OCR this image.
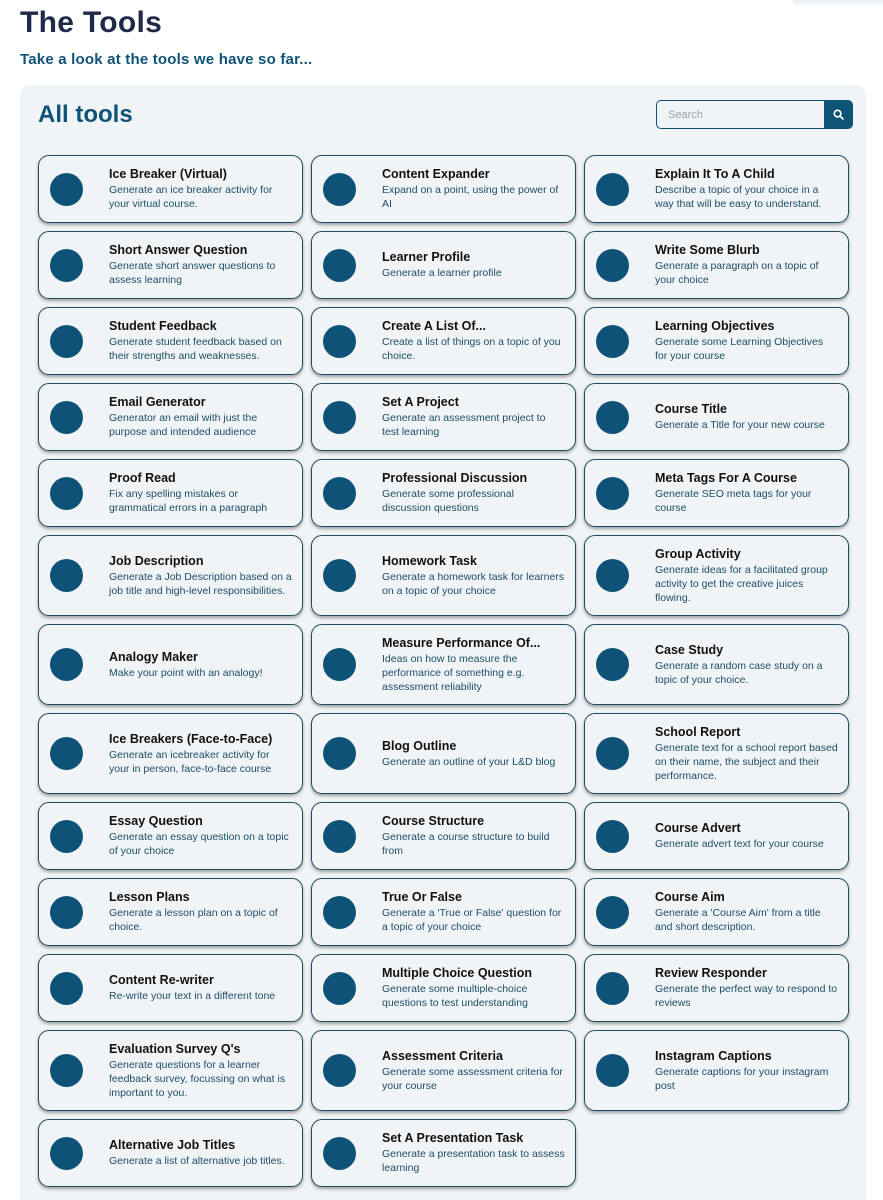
The Tools
Take a look at the tools we have so far...
All tools
Search
Ice Breaker (Virtual)
Generate an ice breaker activity for your virtual course.
Content Expander
Expand on a point, using the power of AI
Explain It To A Child
Describe a topic of your choice in a way that will be easy to understand.
Short Answer Question
Generate short answer questions to assess learning
Learner Profile
Generate a learner profile
Write Some Blurb
Generate a paragraph on a topic of your choice
Student Feedback
Generate student feedback based on their strengths and weaknesses.
Create A List Of...
Create a list of things on a topic of you choice.
Learning Objectives
Generate some Learning Objectives for your course
Email Generator
Generator an email with just the purpose and intended audience
Set A Project
Generate an assessment project to test learning
Course Title
Generate a Title for your new course
Proof Read
Fix any spelling mistakes or grammatical errors in a paragraph
Professional Discussion
Generate some professional discussion questions
Meta Tags For A Course
Generate SEO meta tags for your course
Job Description
Generate a Job Description based on a job title and high-level responsibilities.
Homework Task
Generate a homework task for learners on a topic of your choice
Group Activity
Generate ideas for a facilitated group activity to get the creative juices flowing.
Analogy Maker
Make your point with an analogy!
Measure Performance Of...
Ideas on how to measure the performance of something e.g. assessment reliability
Case Study
Generate a random case study on a topic of your choice.
Ice Breakers (Face-to-Face)
Generate an icebreaker activity for your in person, face-to-face course
Blog Outline
Generate an outline of your L&D blog
School Report
Generate text for a school report based on their name, the subject and their performance.
Essay Question
Generate an essay question on a topic of your choice
Course Structure
Generate a course structure to build from
Course Advert
Generate advert text for your course
Lesson Plans
Generate a lesson plan on a topic of choice.
True Or False
Generate a 'True or False' question for a topic of your choice
Course Aim
Generate a 'Course Aim' from a title and short description.
Content Re-writer
Re-write your text in a different tone
Multiple Choice Question
Generate some multiple-choice questions to test understanding
Review Responder
Generate the perfect way to respond to reviews
Evaluation Survey Q's
Generate questions for a learner feedback survey, focussing on what is important to you.
Assessment Criteria
Generate some assessment criteria for your course
Instagram Captions
Generate captions for your instagram post
Alternative Job Titles
Generate a list of alternative job titles.
Set A Presentation Task
Generate a presentation task to assess learning
